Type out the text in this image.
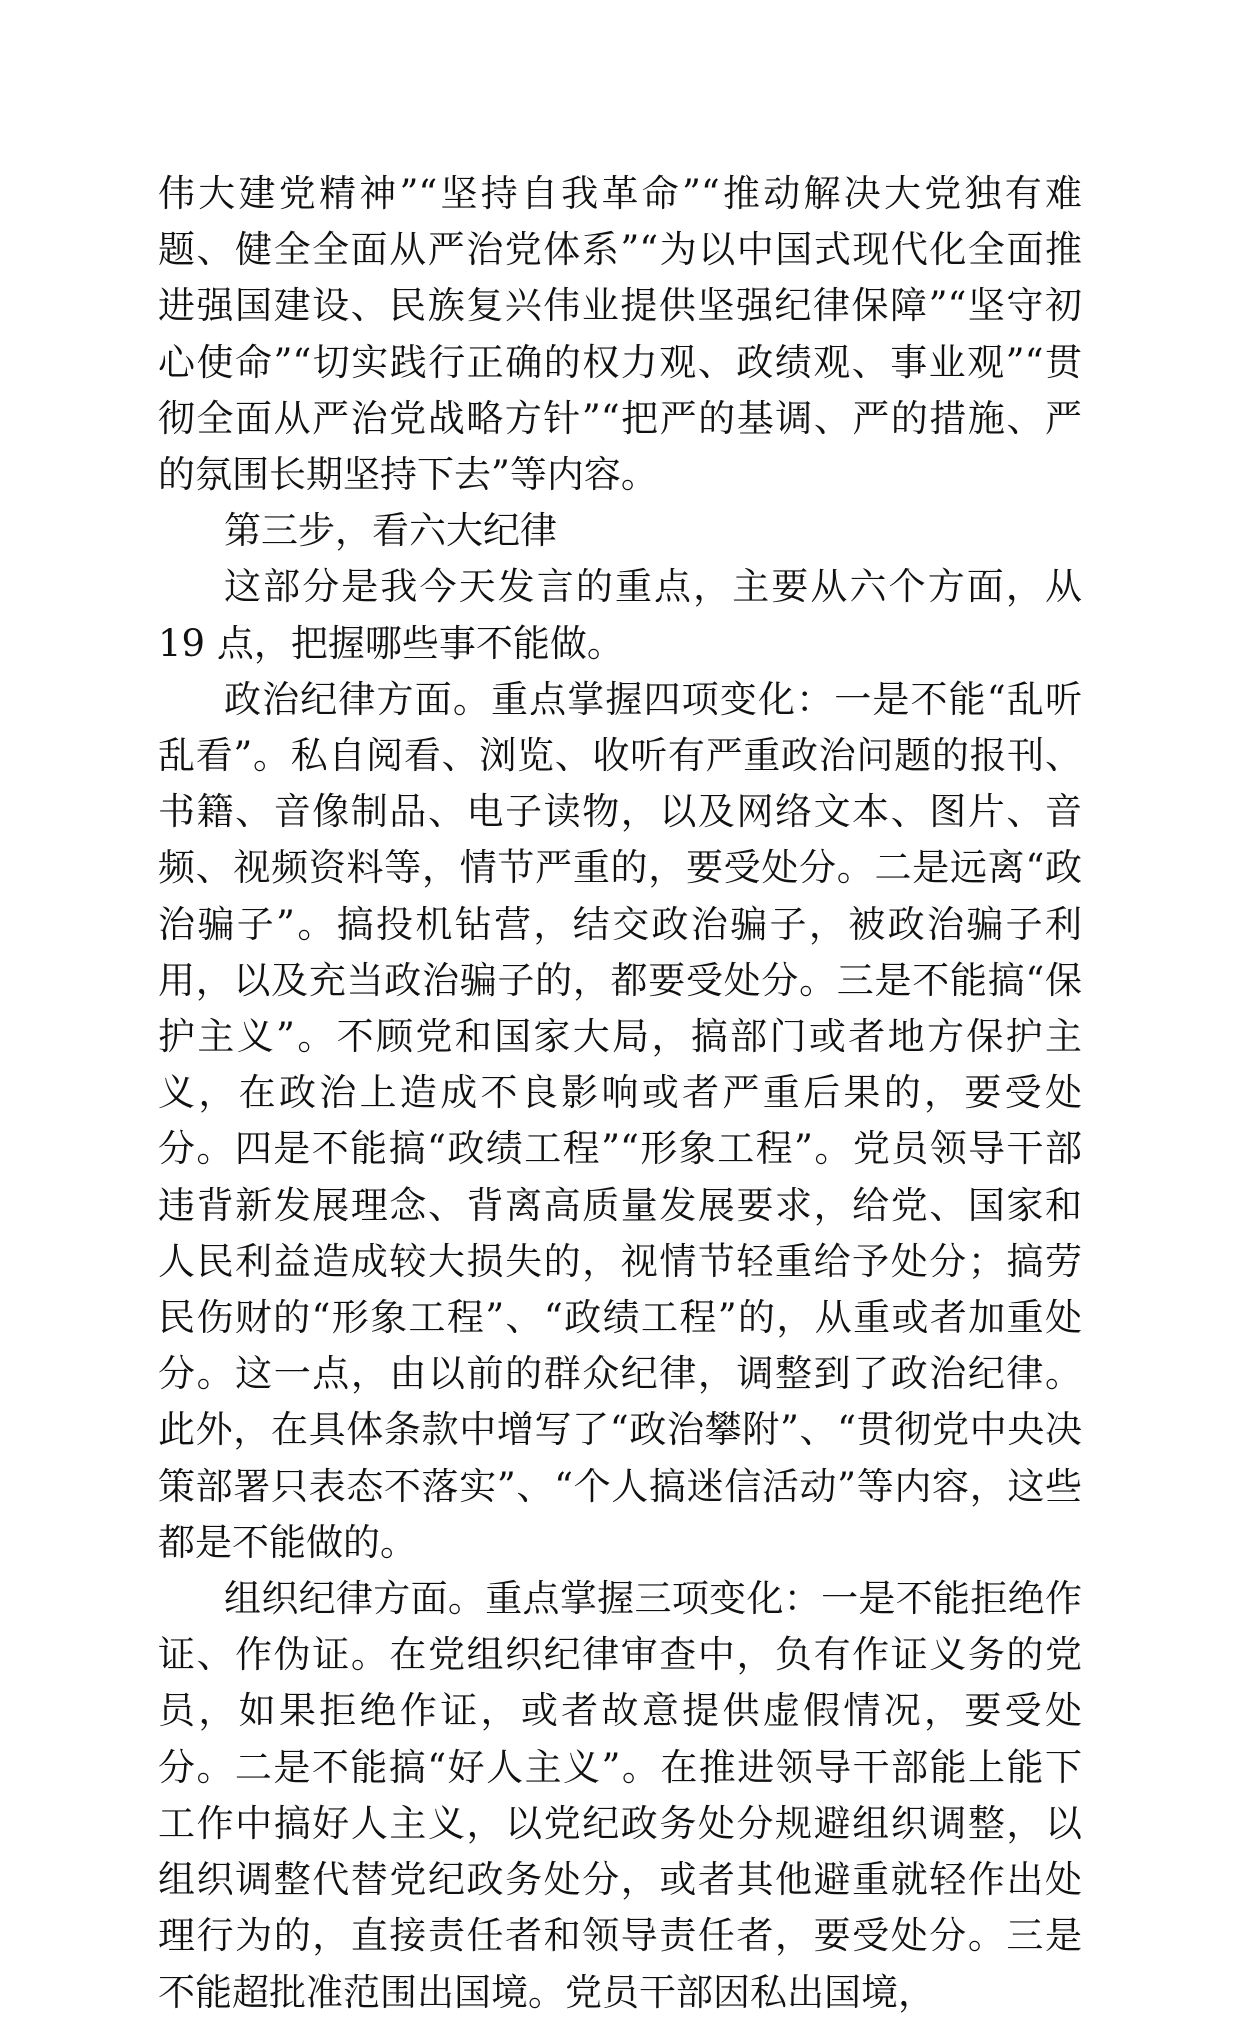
伟大建党精神”“坚持自我革命”“推动解决大党独有难题、健全全面从严治党体系”“为以中国式现代化全面推进强国建设、民族复兴伟业提供坚强纪律保障”“坚守初心使命”“切实践行正确的权力观、政绩观、事业观”“贯彻全面从严治党战略方针”“把严的基调、严的措施、严的氛围长期坚持下去”等内容。

第三步，看六大纪律

这部分是我今天发言的重点，主要从六个方面，从 19 点，把握哪些事不能做。

政治纪律方面。重点掌握四项变化：一是不能“乱听乱看”。私自阅看、浏览、收听有严重政治问题的报刊、书籍、音像制品、电子读物，以及网络文本、图片、音频、视频资料等，情节严重的，要受处分。二是远离“政治骗子”。搞投机钻营，结交政治骗子，被政治骗子利用，以及充当政治骗子的，都要受处分。三是不能搞“保护主义”。不顾党和国家大局，搞部门或者地方保护主义，在政治上造成不良影响或者严重后果的，要受处分。四是不能搞“政绩工程”“形象工程”。党员领导干部违背新发展理念、背离高质量发展要求，给党、国家和人民利益造成较大损失的，视情节轻重给予处分；搞劳民伤财的“形象工程”、“政绩工程”的，从重或者加重处分。这一点，由以前的群众纪律，调整到了政治纪律。此外，在具体条款中增写了“政治攀附”、“贯彻党中央决策部署只表态不落实”、“个人搞迷信活动”等内容，这些都是不能做的。

组织纪律方面。重点掌握三项变化：一是不能拒绝作证、作伪证。在党组织纪律审查中，负有作证义务的党员，如果拒绝作证，或者故意提供虚假情况，要受处分。二是不能搞“好人主义”。在推进领导干部能上能下工作中搞好人主义，以党纪政务处分规避组织调整，以组织调整代替党纪政务处分，或者其他避重就轻作出处理行为的，直接责任者和领导责任者，要受处分。三是不能超批准范围出国境。党员干部因私出国境，
